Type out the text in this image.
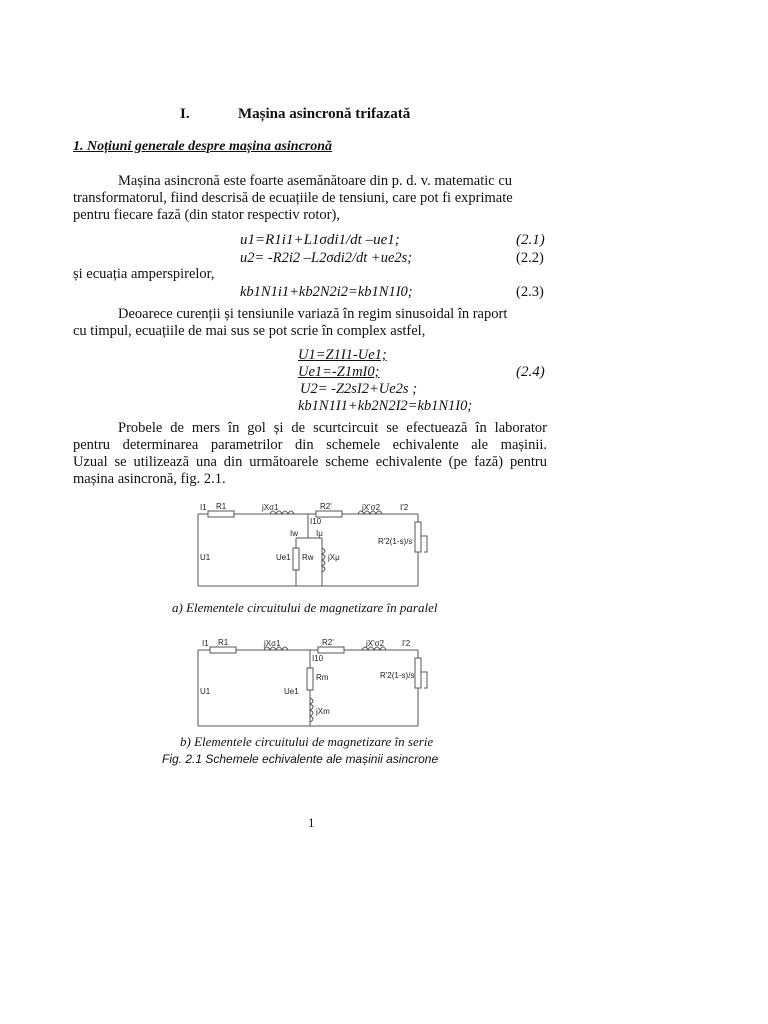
I.	Mașina asincronă trifazată
1. Noțiuni generale despre mașina asincronă
Mașina asincronă este foarte asemănătoare din p. d. v. matematic cu
transformatorul, fiind descrisă de ecuațiile de tensiuni, care pot fi exprimate
pentru fiecare fază (din stator respectiv rotor),
u1=R1i1+L1σdi1/dt –ue1;	(2.1)
u2= -R2i2 –L2σdi2/dt +ue2s;	(2.2)
și ecuația amperspirelor,
kb1N1i1+kb2N2i2=kb1N1I0;	(2.3)
Deoarece curenții și tensiunile variază în regim sinusoidal în raport
cu timpul, ecuațiile de mai sus se pot scrie în complex astfel,
U1=Z1I1-Ue1;
Ue1=-Z1mI0;	(2.4)
U2= -Z2sI2+Ue2s ;
kb1N1I1+kb2N2I2=kb1N1I0;
Probele de mers în gol și de scurtcircuit se efectuează în laborator
pentru determinarea parametrilor din schemele echivalente ale mașinii.
Uzual se utilizează una din următoarele scheme echivalente (pe fază) pentru
mașina asincronă, fig. 2.1.
I1 R1	jXσ1	R2'	jX'σ2 I'2
I10
Iw Iμ
U1	Ue1 Rw jXμ
R'2(1-s)/s
a) Elementele circuitului de magnetizare în paralel
I1 R1	jXσ1	R2'	jX'σ2 I'2
I10
Rm
jXm
U1	Ue1
R'2(1-s)/s
b) Elementele circuitului de magnetizare în serie
Fig. 2.1 Schemele echivalente ale mașinii asincrone
1
